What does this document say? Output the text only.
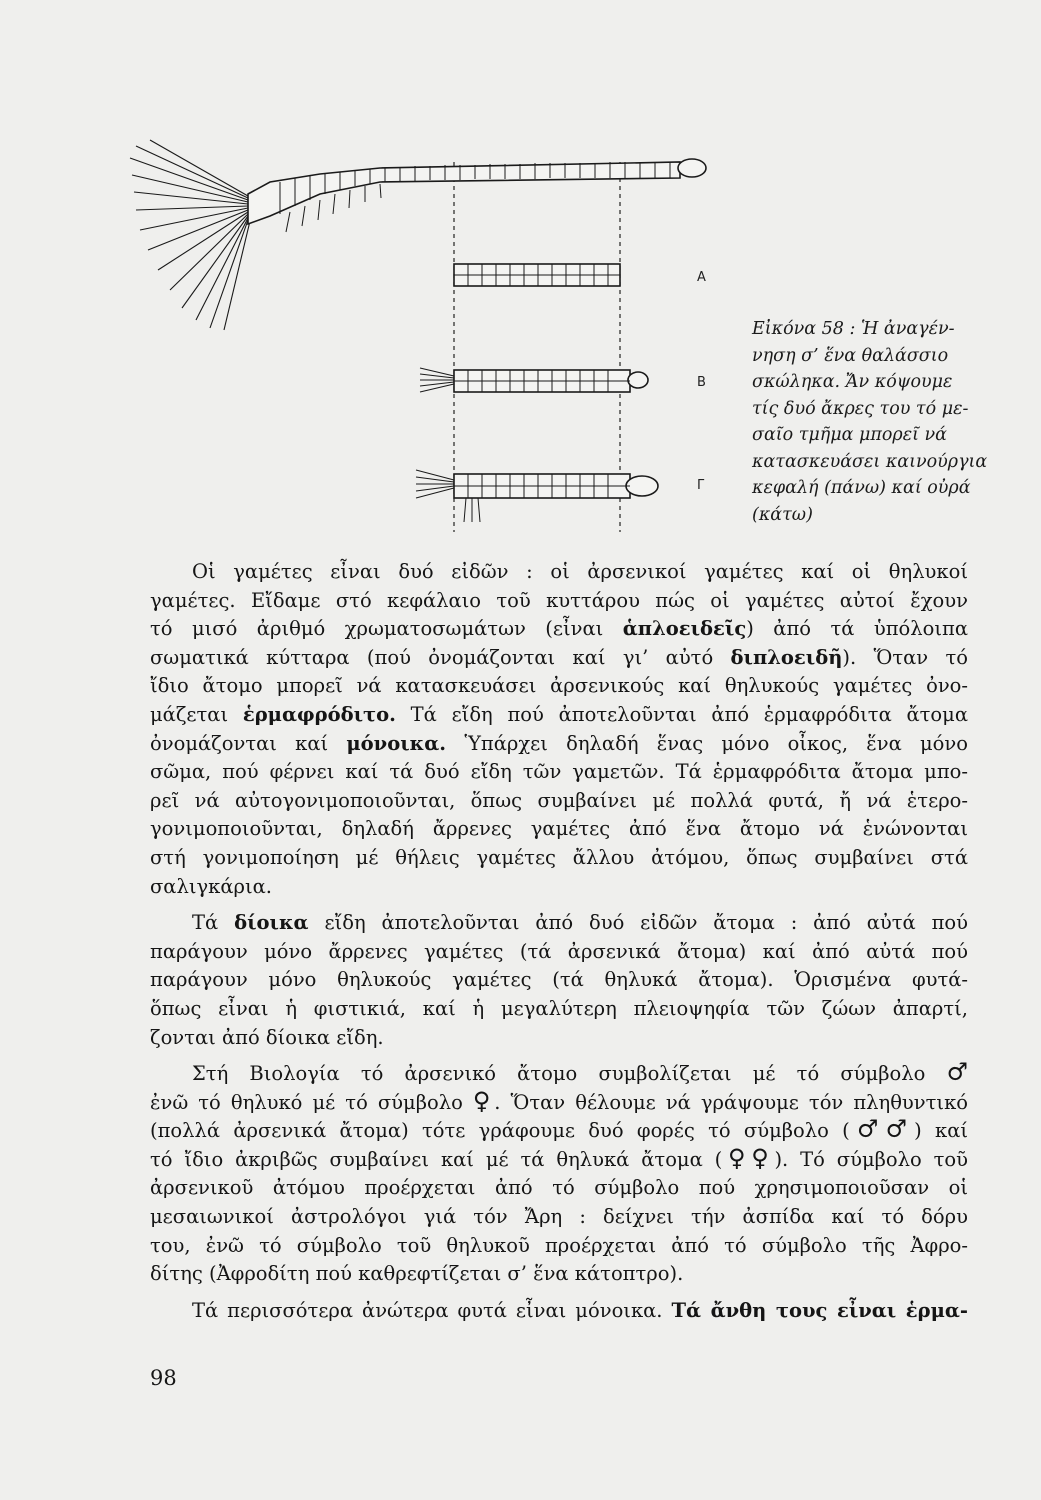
A
B
Γ
Εἰκόνα 58 : Ἡ ἀναγέν-
νηση σ’ ἕνα θαλάσσιο
σκώληκα. Ἄν κόψουμε
τίς δυό ἄκρες του τό με-
σαῖο τμῆμα μπορεῖ νά
κατασκευάσει καινούργια
κεφαλή (πάνω) καί οὐρά
(κάτω)
Οἱ γαμέτες εἶναι δυό εἰδῶν : οἱ ἀρσενικοί γαμέτες καί οἱ θηλυκοί
γαμέτες. Εἴδαμε στό κεφάλαιο τοῦ κυττάρου πώς οἱ γαμέτες αὐτοί ἔχουν
τό μισό ἀριθμό χρωματοσωμάτων (εἶναι ἁπλοειδεῖς) ἀπό τά ὑπόλοιπα
σωματικά κύτταρα (πού ὀνομάζονται καί γι’ αὐτό διπλοειδῆ). Ὅταν τό
ἴδιο ἄτομο μπορεῖ νά κατασκευάσει ἀρσενικούς καί θηλυκούς γαμέτες ὀνο-
μάζεται ἑρμαφρόδιτο. Τά εἴδη πού ἀποτελοῦνται ἀπό ἑρμαφρόδιτα ἄτομα
ὀνομάζονται καί μόνοικα. Ὑπάρχει δηλαδή ἕνας μόνο οἶκος, ἕνα μόνο
σῶμα, πού φέρνει καί τά δυό εἴδη τῶν γαμετῶν. Τά ἑρμαφρόδιτα ἄτομα μπο-
ρεῖ νά αὐτογονιμοποιοῦνται, ὅπως συμβαίνει μέ πολλά φυτά, ἤ νά ἑτερο-
γονιμοποιοῦνται, δηλαδή ἄρρενες γαμέτες ἀπό ἕνα ἄτομο νά ἑνώνονται
στή γονιμοποίηση μέ θήλεις γαμέτες ἄλλου ἀτόμου, ὅπως συμβαίνει στά
σαλιγκάρια.
Τά δίοικα εἴδη ἀποτελοῦνται ἀπό δυό εἰδῶν ἄτομα : ἀπό αὐτά πού
παράγουν μόνο ἄρρενες γαμέτες (τά ἀρσενικά ἄτομα) καί ἀπό αὐτά πού
παράγουν μόνο θηλυκούς γαμέτες (τά θηλυκά ἄτομα). Ὁρισμένα φυτά-
ὅπως εἶναι ἡ φιστικιά, καί ἡ μεγαλύτερη πλειοψηφία τῶν ζώων ἀπαρτί,
ζονται ἀπό δίοικα εἴδη.
Στή Βιολογία τό ἀρσενικό ἄτομο συμβολίζεται μέ τό σύμβολο ♂
ἐνῶ τό θηλυκό μέ τό σύμβολο ♀. Ὅταν θέλουμε νά γράψουμε τόν πληθυντικό
(πολλά ἀρσενικά ἄτομα) τότε γράφουμε δυό φορές τό σύμβολο (♂♂) καί
τό ἴδιο ἀκριβῶς συμβαίνει καί μέ τά θηλυκά ἄτομα (♀♀). Τό σύμβολο τοῦ
ἀρσενικοῦ ἀτόμου προέρχεται ἀπό τό σύμβολο πού χρησιμοποιοῦσαν οἱ
μεσαιωνικοί ἀστρολόγοι γιά τόν Ἄρη : δείχνει τήν ἀσπίδα καί τό δόρυ
του, ἐνῶ τό σύμβολο τοῦ θηλυκοῦ προέρχεται ἀπό τό σύμβολο τῆς Ἀφρο-
δίτης (Ἀφροδίτη πού καθρεφτίζεται σ’ ἕνα κάτοπτρο).
Τά περισσότερα ἀνώτερα φυτά εἶναι μόνοικα. Τά ἄνθη τους εἶναι ἑρμα-
98
